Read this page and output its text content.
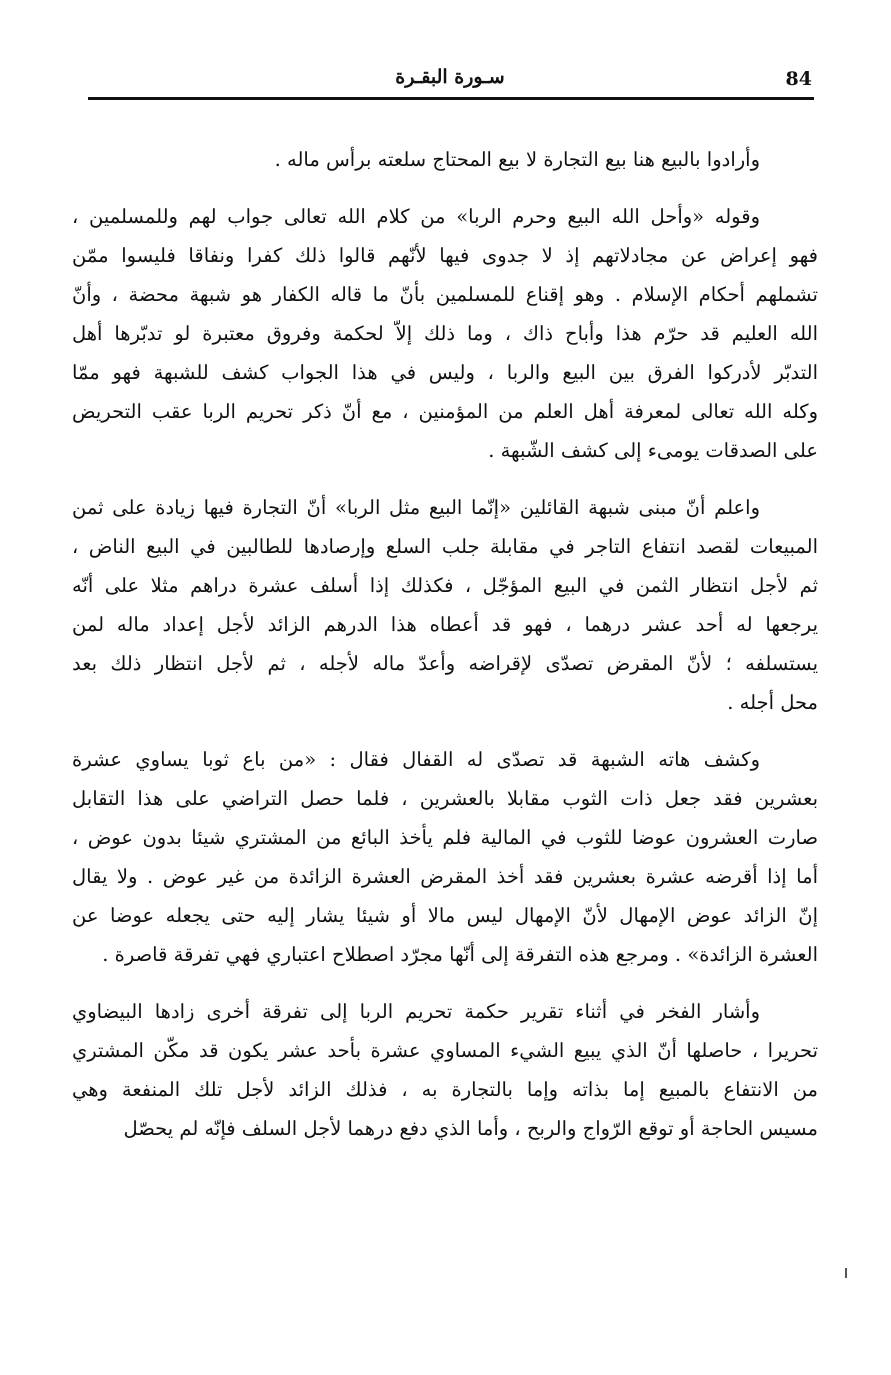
84
سـورة البقـرة
وأرادوا بالبيع هنا بيع التجارة لا بيع المحتاج سلعته برأس ماله .
وقوله «وأحل الله البيع وحرم الربا» من كلام الله تعالى جواب لهم وللمسلمين ،
فهو إعراض عن مجادلاتهم إذ لا جدوى فيها لأنّهم قالوا ذلك كفرا ونفاقا فليسوا ممّن
تشملهم أحكام الإسلام . وهو إقناع للمسلمين بأنّ ما قاله الكفار هو شبهة محضة ، وأنّ
الله العليم قد حرّم هذا وأباح ذاك ، وما ذلك إلاّ لحكمة وفروق معتبرة لو تدبّرها أهل
التدبّر لأدركوا الفرق بين البيع والربا ، وليس في هذا الجواب كشف للشبهة فهو ممّا
وكله الله تعالى لمعرفة أهل العلم من المؤمنين ، مع أنّ ذكر تحريم الربا عقب التحريض
على الصدقات يومىء إلى كشف الشّبهة .
واعلم أنّ مبنى شبهة القائلين «إنّما البيع مثل الربا» أنّ التجارة فيها زيادة على ثمن
المبيعات لقصد انتفاع التاجر في مقابلة جلب السلع وإرصادها للطالبين في البيع الناض ،
ثم لأجل انتظار الثمن في البيع المؤجّل ، فكذلك إذا أسلف عشرة دراهم مثلا على أنّه
يرجعها له أحد عشر درهما ، فهو قد أعطاه هذا الدرهم الزائد لأجل إعداد ماله لمن
يستسلفه ؛ لأنّ المقرض تصدّى لإقراضه وأعدّ ماله لأجله ، ثم لأجل انتظار ذلك بعد
محل أجله .
وكشف هاته الشبهة قد تصدّى له القفال فقال : «من باع ثوبا يساوي عشرة
بعشرين فقد جعل ذات الثوب مقابلا بالعشرين ، فلما حصل التراضي على هذا التقابل
صارت العشرون عوضا للثوب في المالية فلم يأخذ البائع من المشتري شيئا بدون عوض ،
أما إذا أقرضه عشرة بعشرين فقد أخذ المقرض العشرة الزائدة من غير عوض . ولا يقال
إنّ الزائد عوض الإمهال لأنّ الإمهال ليس مالا أو شيئا يشار إليه حتى يجعله عوضا عن
العشرة الزائدة» . ومرجع هذه التفرقة إلى أنّها مجرّد اصطلاح اعتباري فهي تفرقة قاصرة .
وأشار الفخر في أثناء تقرير حكمة تحريم الربا إلى تفرقة أخرى زادها البيضاوي
تحريرا ، حاصلها أنّ الذي يبيع الشيء المساوي عشرة بأحد عشر يكون قد مكّن المشتري
من الانتفاع بالمبيع إما بذاته وإما بالتجارة به ، فذلك الزائد لأجل تلك المنفعة وهي
مسيس الحاجة أو توقع الرّواج والربح ، وأما الذي دفع درهما لأجل السلف فإنّه لم يحصّل
